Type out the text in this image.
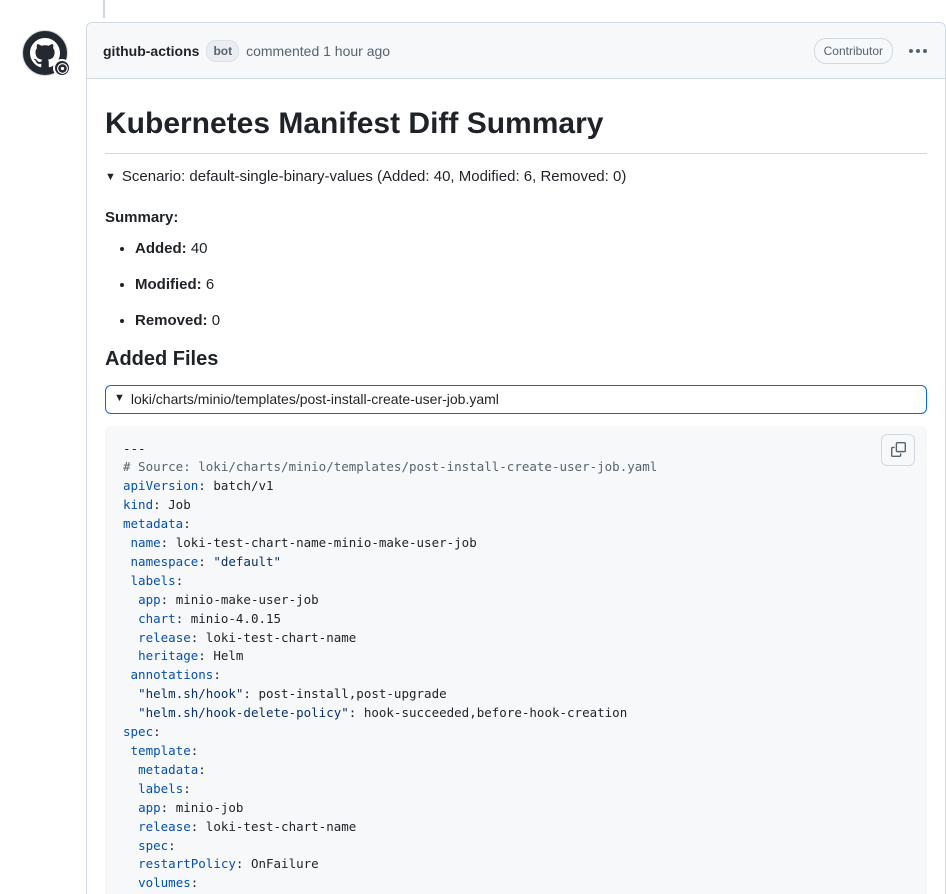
github-actions	bot	commented 1 hour ago	Contributor
Kubernetes Manifest Diff Summary
▼ Scenario: default-single-binary-values (Added: 40, Modified: 6, Removed: 0)

Summary:

• Added: 40
• Modified: 6
• Removed: 0
Added Files
▼ loki/charts/minio/templates/post-install-create-user-job.yaml
---
# Source: loki/charts/minio/templates/post-install-create-user-job.yaml
apiVersion: batch/v1
kind: Job
metadata:
name: loki-test-chart-name-minio-make-user-job
namespace: "default"
labels:
app: minio-make-user-job
chart: minio-4.0.15
release: loki-test-chart-name
heritage: Helm
annotations:
"helm.sh/hook": post-install,post-upgrade
"helm.sh/hook-delete-policy": hook-succeeded,before-hook-creation
spec:
template:
metadata:
labels:
app: minio-job
release: loki-test-chart-name
spec:
restartPolicy: OnFailure
volumes:
